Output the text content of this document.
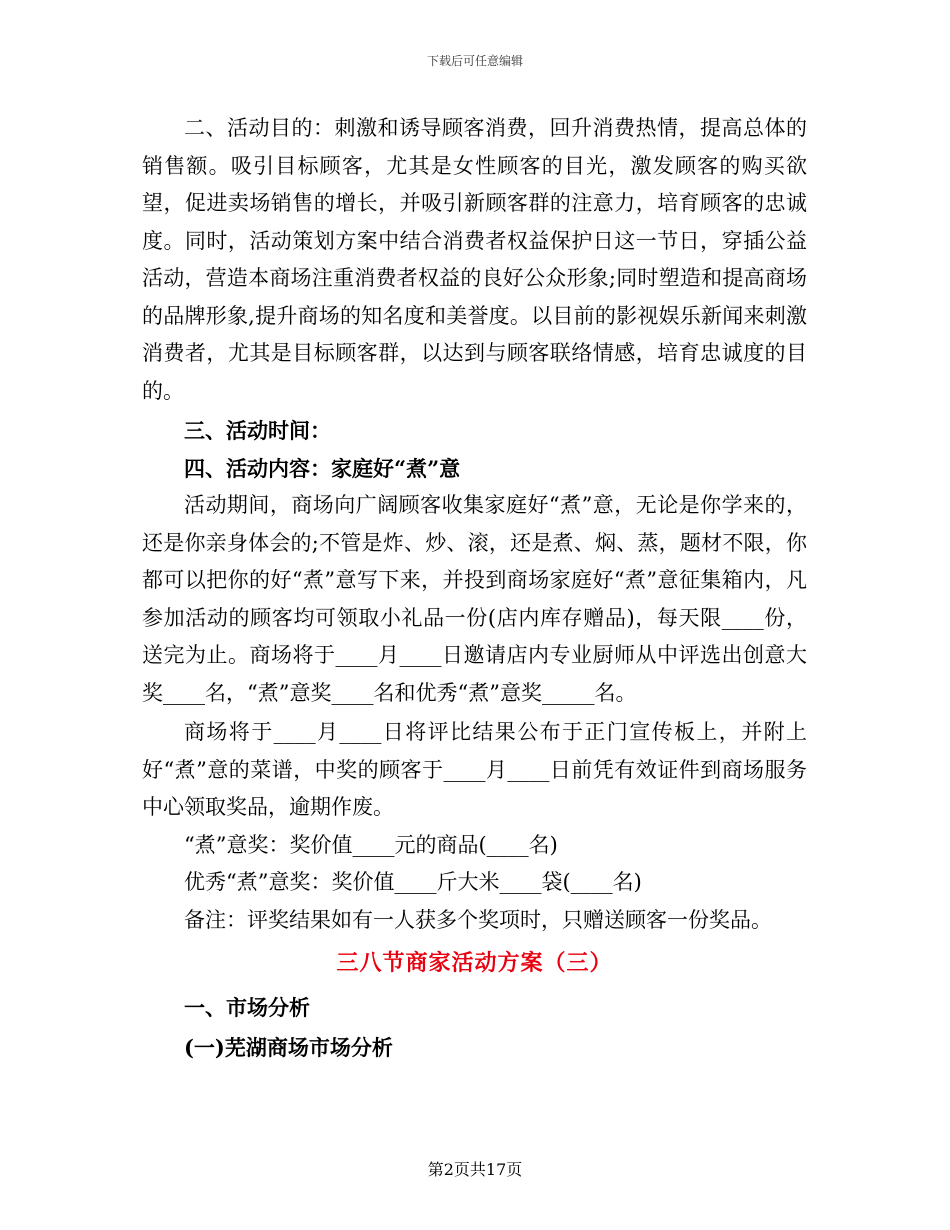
下载后可任意编辑

二、活动目的：刺激和诱导顾客消费，回升消费热情，提高总体的销售额。吸引目标顾客，尤其是女性顾客的目光，激发顾客的购买欲望，促进卖场销售的增长，并吸引新顾客群的注意力，培育顾客的忠诚度。同时，活动策划方案中结合消费者权益保护日这一节日，穿插公益活动，营造本商场注重消费者权益的良好公众形象;同时塑造和提高商场的品牌形象,提升商场的知名度和美誉度。以目前的影视娱乐新闻来刺激消费者，尤其是目标顾客群，以达到与顾客联络情感，培育忠诚度的目的。

三、活动时间：

四、活动内容：家庭好“煮”意

活动期间，商场向广阔顾客收集家庭好“煮”意，无论是你学来的，还是你亲身体会的;不管是炸、炒、滚，还是煮、焖、蒸，题材不限，你都可以把你的好“煮”意写下来，并投到商场家庭好“煮”意征集箱内，凡参加活动的顾客均可领取小礼品一份(店内库存赠品)，每天限____份，送完为止。商场将于____月____日邀请店内专业厨师从中评选出创意大奖____名，“煮”意奖____名和优秀“煮”意奖_____名。

商场将于____月____日将评比结果公布于正门宣传板上，并附上好“煮”意的菜谱，中奖的顾客于____月____日前凭有效证件到商场服务中心领取奖品，逾期作废。

“煮”意奖：奖价值____元的商品(____名)

优秀“煮”意奖：奖价值____斤大米____袋(____名)

备注：评奖结果如有一人获多个奖项时，只赠送顾客一份奖品。

三八节商家活动方案（三）

一、市场分析

(一)芜湖商场市场分析

第2页共17页
